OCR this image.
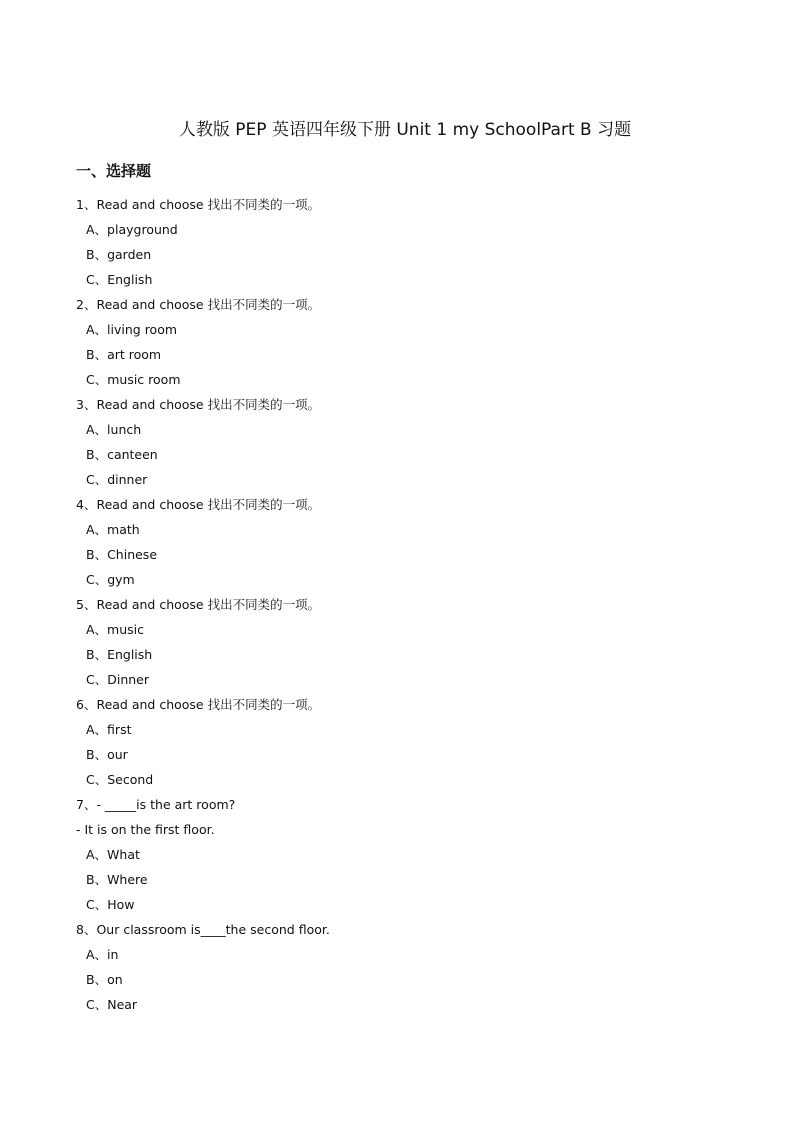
人教版 PEP 英语四年级下册 Unit 1 my SchoolPart B 习题
一、选择题
1、Read and choose 找出不同类的一项。
A、playground
B、garden
C、English
2、Read and choose 找出不同类的一项。
A、living room
B、art room
C、music room
3、Read and choose 找出不同类的一项。
A、lunch
B、canteen
C、dinner
4、Read and choose 找出不同类的一项。
A、math
B、Chinese
C、gym
5、Read and choose 找出不同类的一项。
A、music
B、English
C、Dinner
6、Read and choose 找出不同类的一项。
A、first
B、our
C、Second
7、- _____is the art room?
- It is on the first floor.
A、What
B、Where
C、How
8、Our classroom is____the second floor.
A、in
B、on
C、Near
